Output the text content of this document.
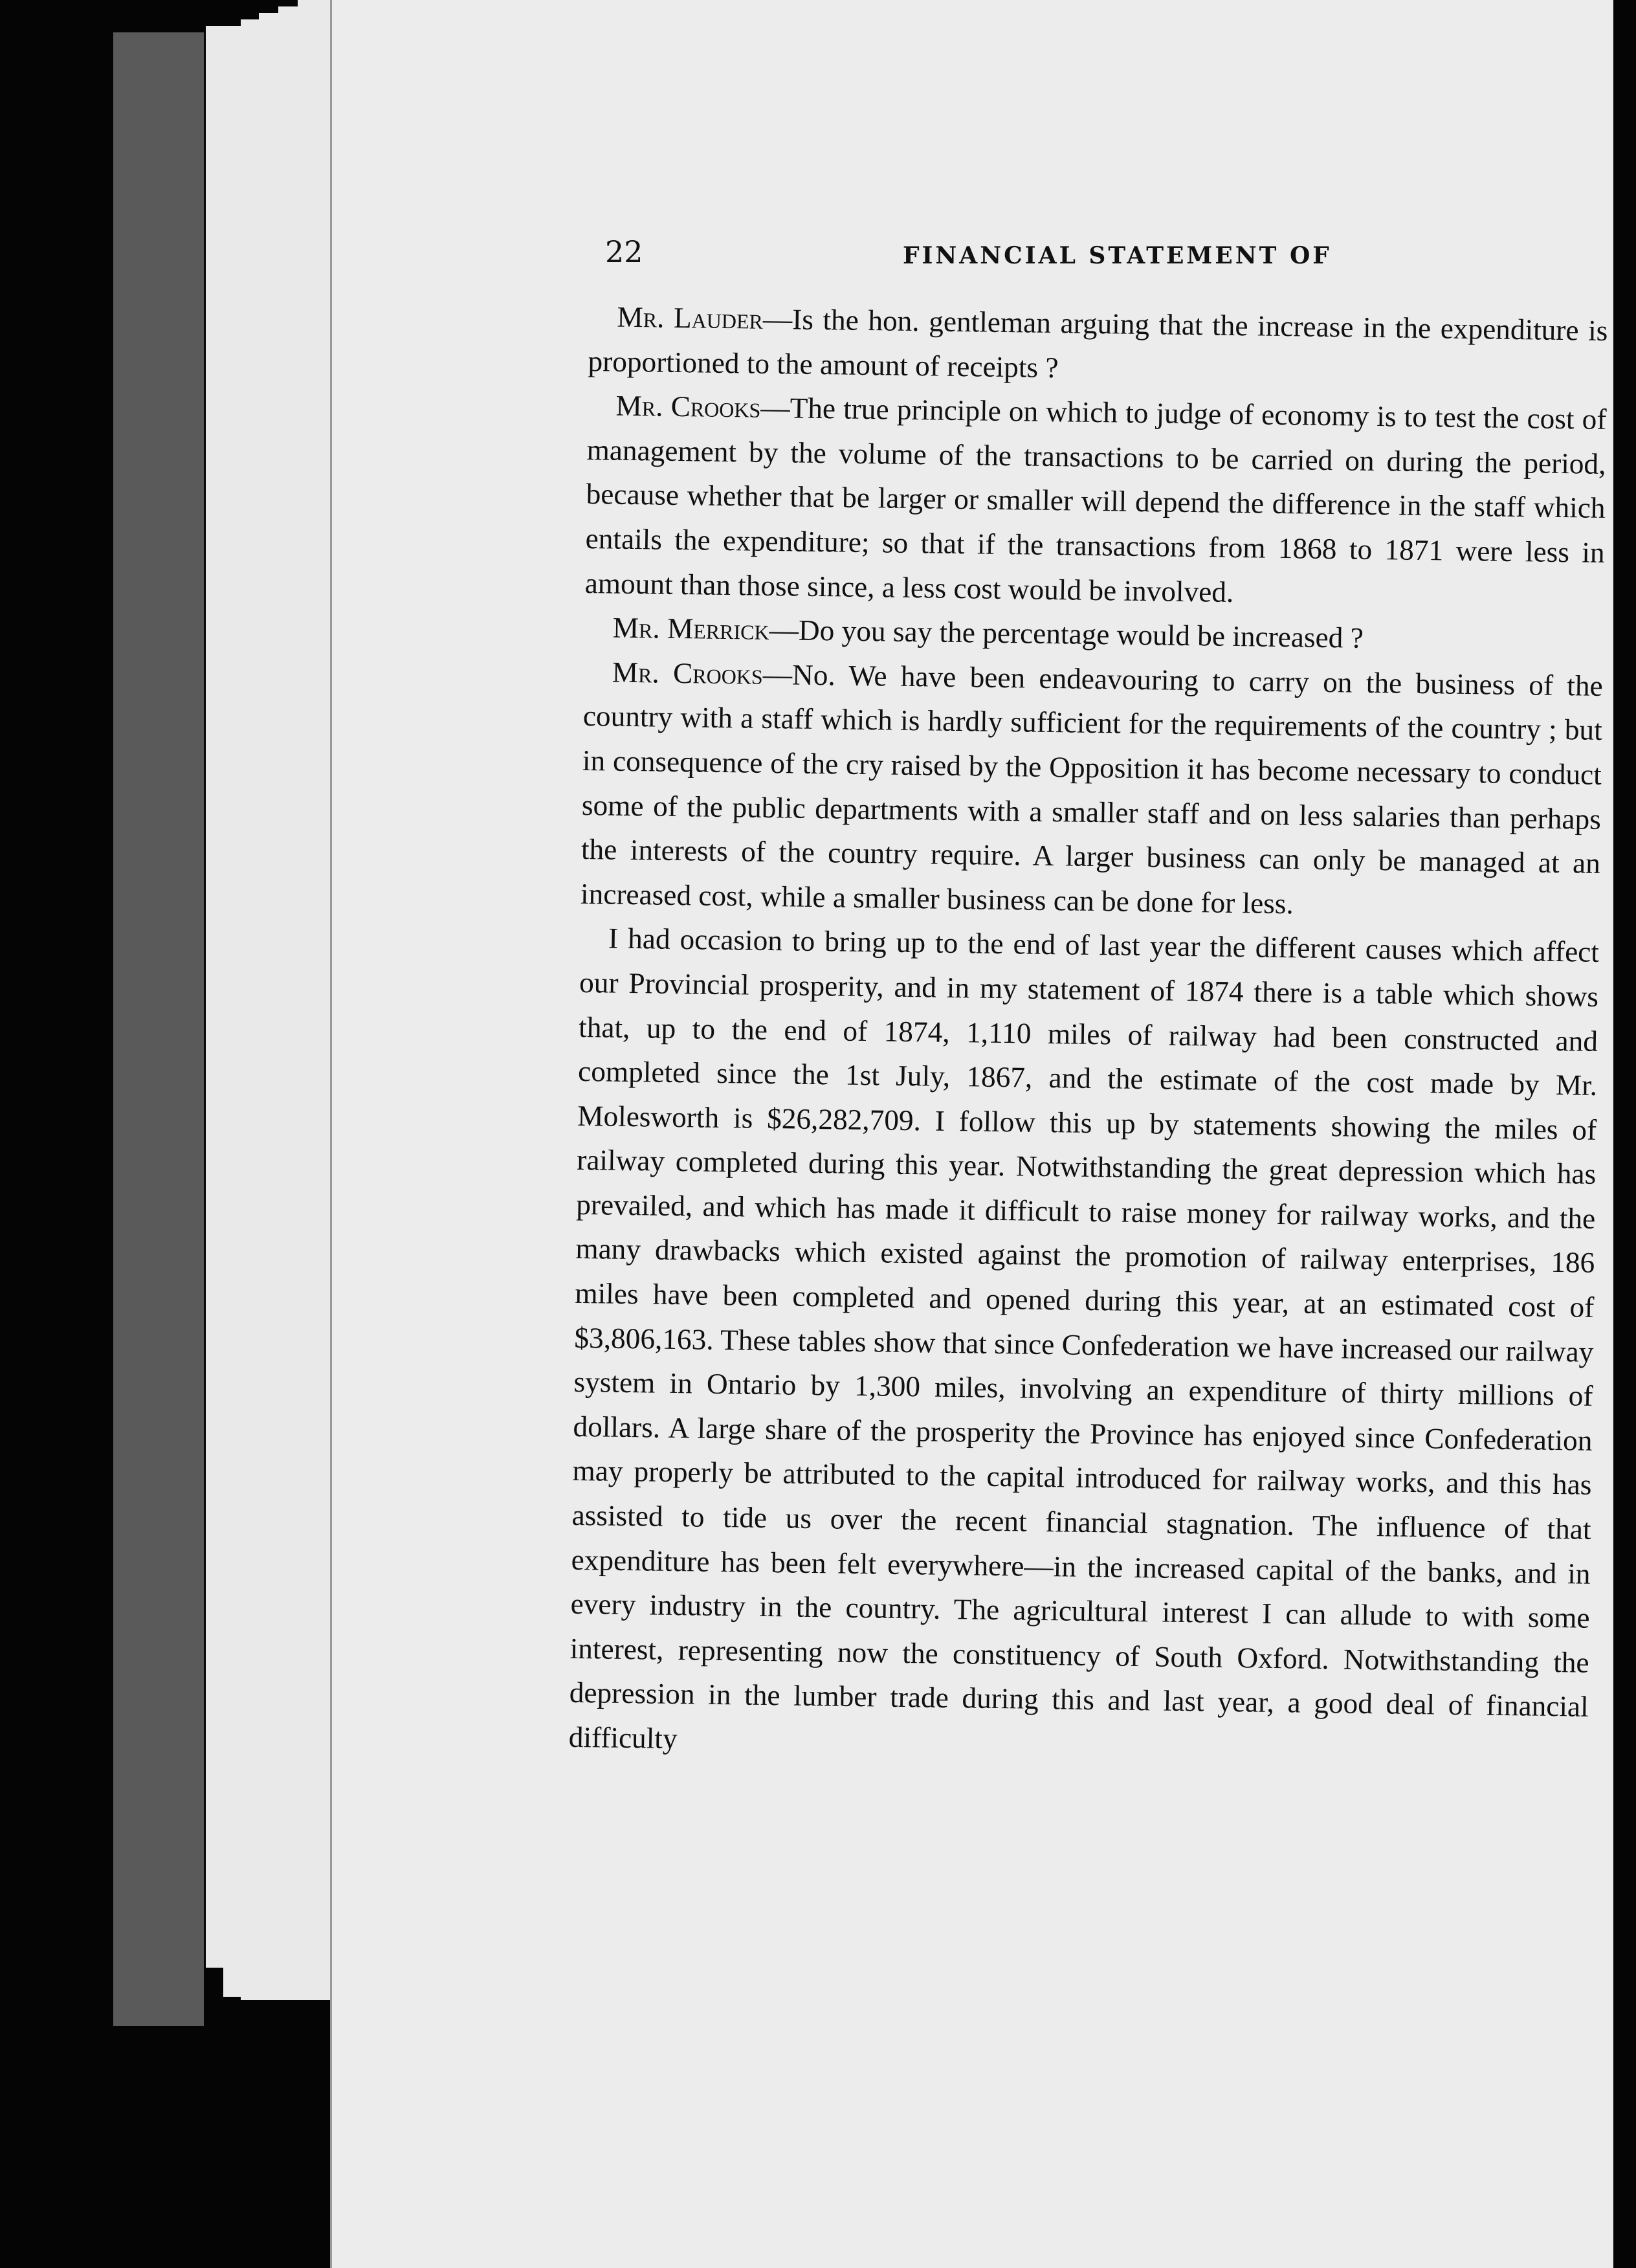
22	FINANCIAL STATEMENT OF

Mr. Lauder—Is the hon. gentleman arguing that the increase in the expenditure is proportioned to the amount of receipts ?

Mr. Crooks—The true principle on which to judge of economy is to test the cost of management by the volume of the transactions to be carried on during the period, because whether that be larger or smaller will depend the difference in the staff which entails the expenditure; so that if the transactions from 1868 to 1871 were less in amount than those since, a less cost would be involved.

Mr. Merrick—Do you say the percentage would be increased ?

Mr. Crooks—No. We have been endeavouring to carry on the business of the country with a staff which is hardly sufficient for the requirements of the country ; but in consequence of the cry raised by the Opposition it has become necessary to conduct some of the public departments with a smaller staff and on less salaries than perhaps the interests of the country require. A larger business can only be managed at an increased cost, while a smaller business can be done for less.

I had occasion to bring up to the end of last year the different causes which affect our Provincial prosperity, and in my statement of 1874 there is a table which shows that, up to the end of 1874, 1,110 miles of railway had been constructed and completed since the 1st July, 1867, and the estimate of the cost made by Mr. Molesworth is $26,282,709. I follow this up by statements showing the miles of railway completed during this year. Notwithstanding the great depression which has prevailed, and which has made it difficult to raise money for railway works, and the many drawbacks which existed against the promotion of railway enterprises, 186 miles have been completed and opened during this year, at an estimated cost of $3,806,163. These tables show that since Confederation we have increased our railway system in Ontario by 1,300 miles, involving an expenditure of thirty millions of dollars. A large share of the prosperity the Province has enjoyed since Confederation may properly be attributed to the capital introduced for railway works, and this has assisted to tide us over the recent financial stagnation. The influence of that expenditure has been felt everywhere—in the increased capital of the banks, and in every industry in the country. The agricultural interest I can allude to with some interest, representing now the constituency of South Oxford. Notwithstanding the depression in the lumber trade during this and last year, a good deal of financial difficulty
